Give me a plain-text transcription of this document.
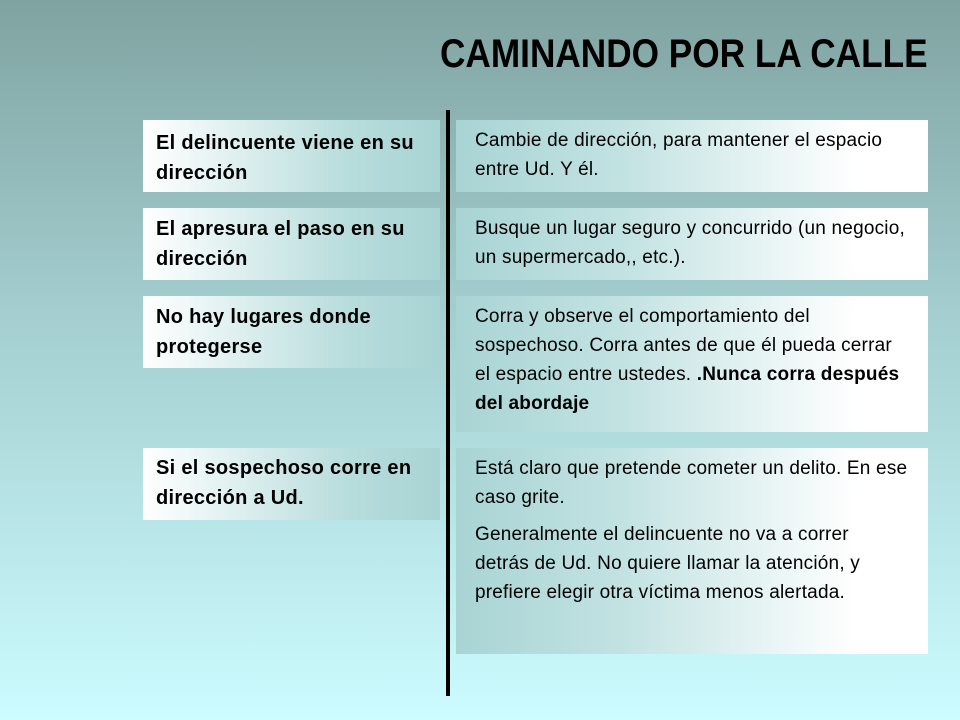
CAMINANDO POR LA CALLE
El delincuente viene en su dirección

Cambie de dirección, para mantener el espacio entre Ud. Y él.

El apresura el paso en su dirección

Busque un lugar seguro y concurrido (un negocio, un supermercado,, etc.).

No hay lugares donde protegerse

Corra y observe el comportamiento del sospechoso. Corra antes de que él pueda cerrar el espacio entre ustedes. .Nunca corra después del abordaje

Si el sospechoso corre en dirección a Ud.

Está claro que pretende cometer un delito. En ese caso grite.

Generalmente el delincuente no va a correr detrás de Ud. No quiere llamar la atención, y prefiere elegir otra víctima menos alertada.
